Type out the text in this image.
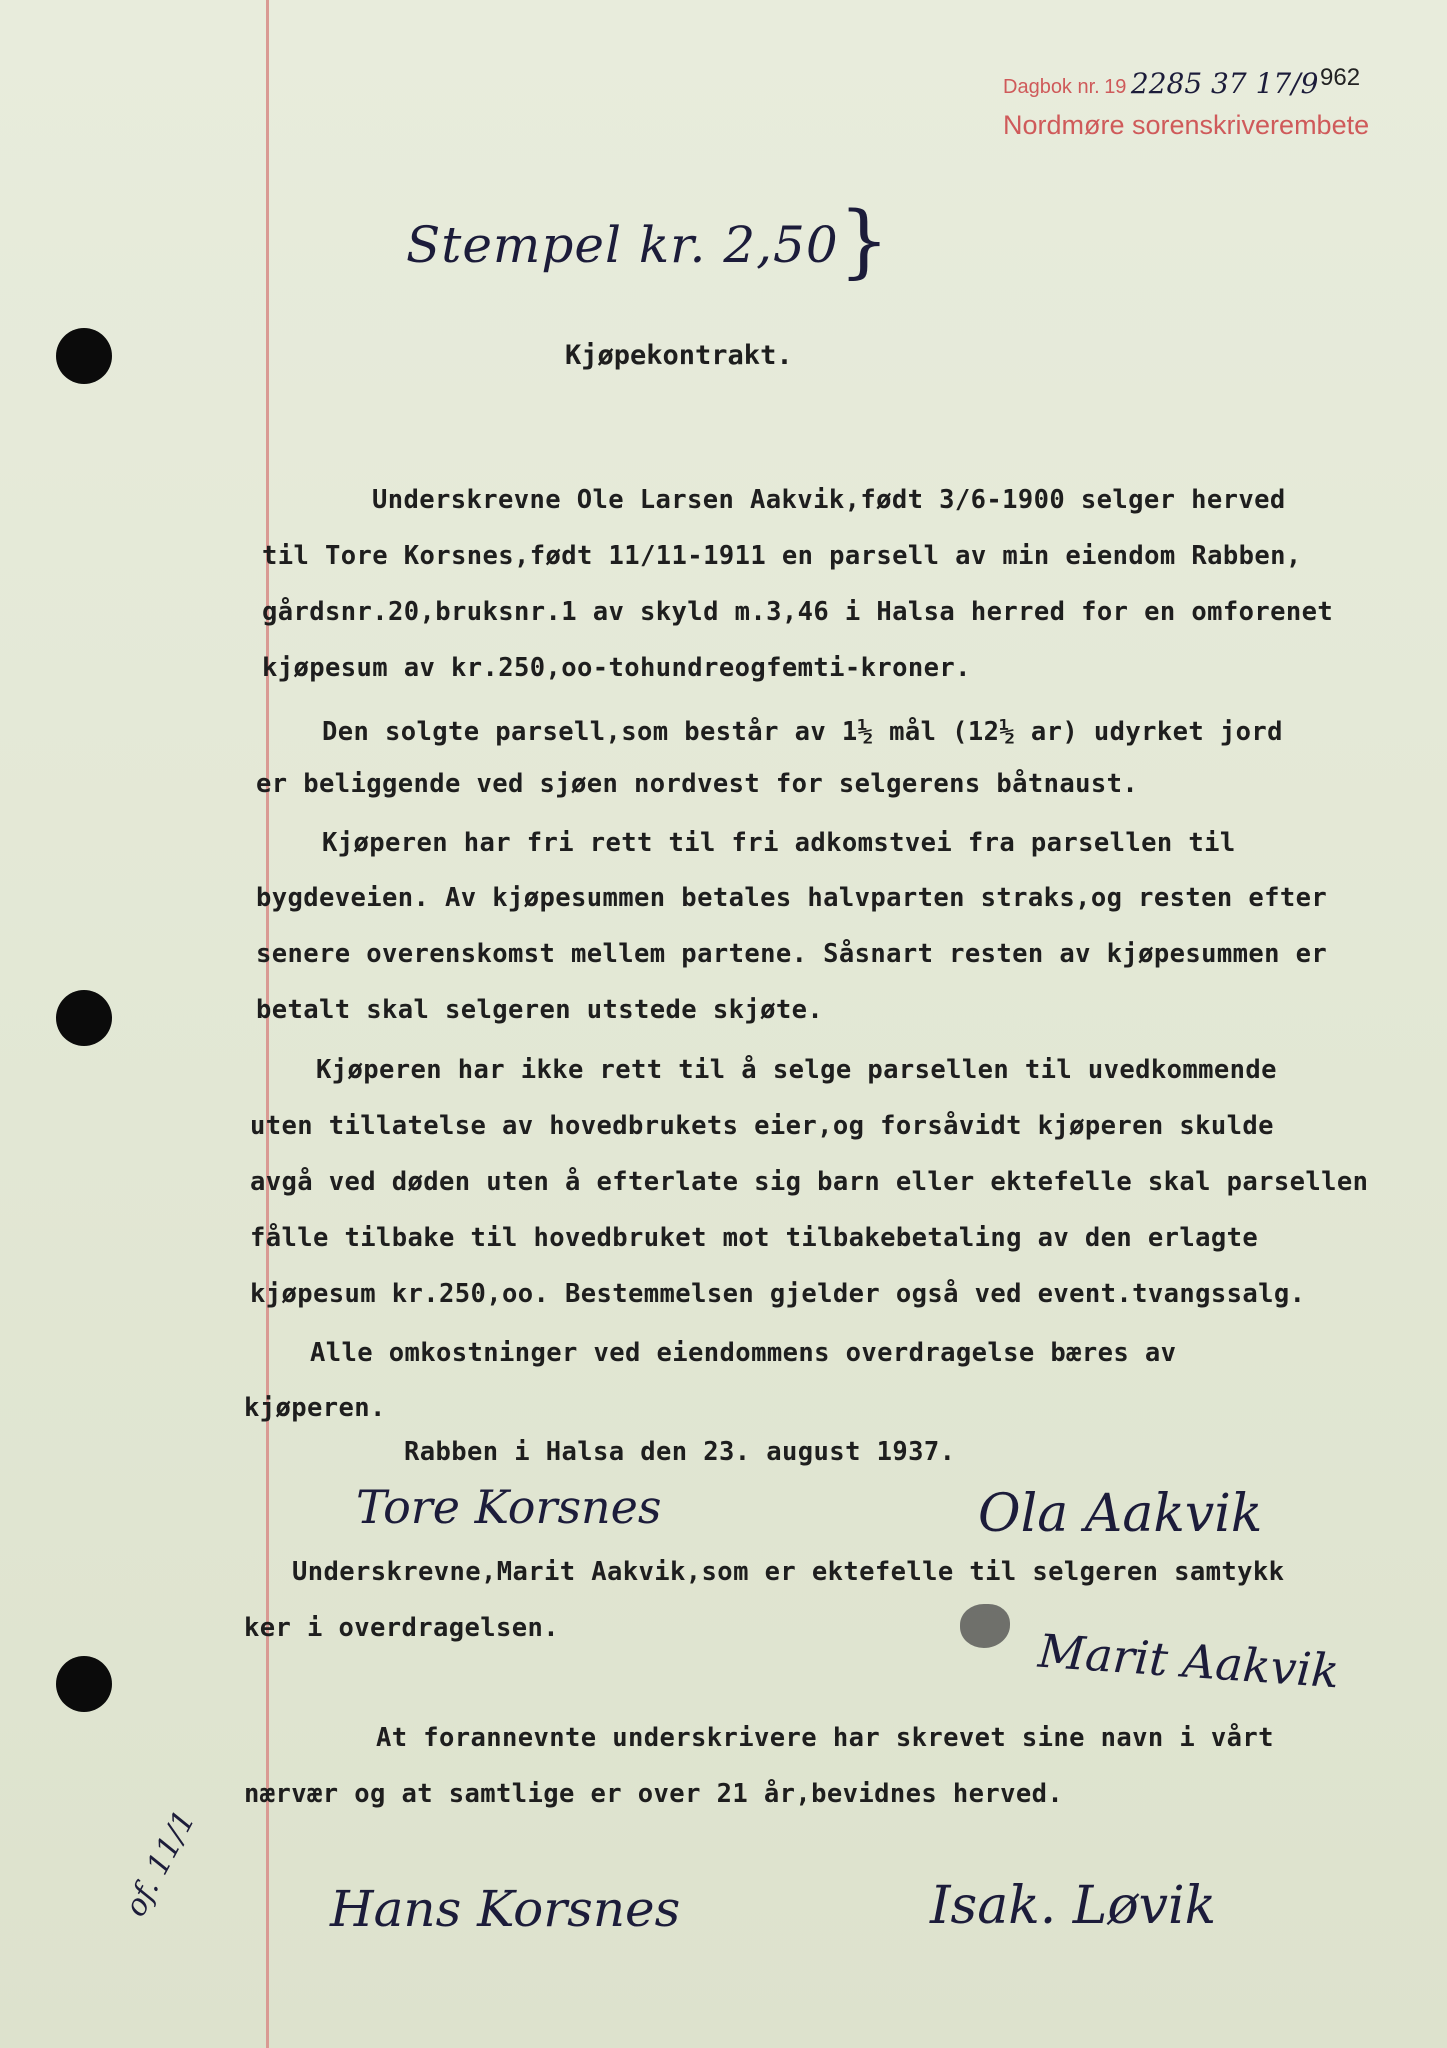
Dagbok nr. 19 2285 37 17/9
Nordmøre sorenskriverembete
962
Stempel kr. 2,50}
Kjøpekontrakt.
Underskrevne Ole Larsen Aakvik,født 3/6-1900 selger herved
til Tore Korsnes,født 11/11-1911 en parsell av min eiendom Rabben,
gårdsnr.20,bruksnr.1 av skyld m.3,46 i Halsa herred for en omforenet
kjøpesum av kr.250,oo-tohundreogfemti-kroner.
Den solgte parsell,som består av 1½ mål (12½ ar) udyrket jord
er beliggende ved sjøen nordvest for selgerens båtnaust.
Kjøperen har fri rett til fri adkomstvei fra parsellen til
bygdeveien. Av kjøpesummen betales halvparten straks,og resten efter
senere overenskomst mellem partene. Såsnart resten av kjøpesummen er
betalt skal selgeren utstede skjøte.
Kjøperen har ikke rett til å selge parsellen til uvedkommende
uten tillatelse av hovedbrukets eier,og forsåvidt kjøperen skulde
avgå ved døden uten å efterlate sig barn eller ektefelle skal parsellen
fålle tilbake til hovedbruket mot tilbakebetaling av den erlagte
kjøpesum kr.250,oo. Bestemmelsen gjelder også ved event.tvangssalg.
Alle omkostninger ved eiendommens overdragelse bæres av
kjøperen.
Rabben i Halsa den 23. august 1937.
Underskrevne,Marit Aakvik,som er ektefelle til selgeren samtykk
ker i overdragelsen.
At forannevnte underskrivere har skrevet sine navn i vårt
nærvær og at samtlige er over 21 år,bevidnes herved.
Tore Korsnes	Ola Aakvik
Marit Aakvik
Hans Korsnes	Isak. Løvik
of. 11/1
